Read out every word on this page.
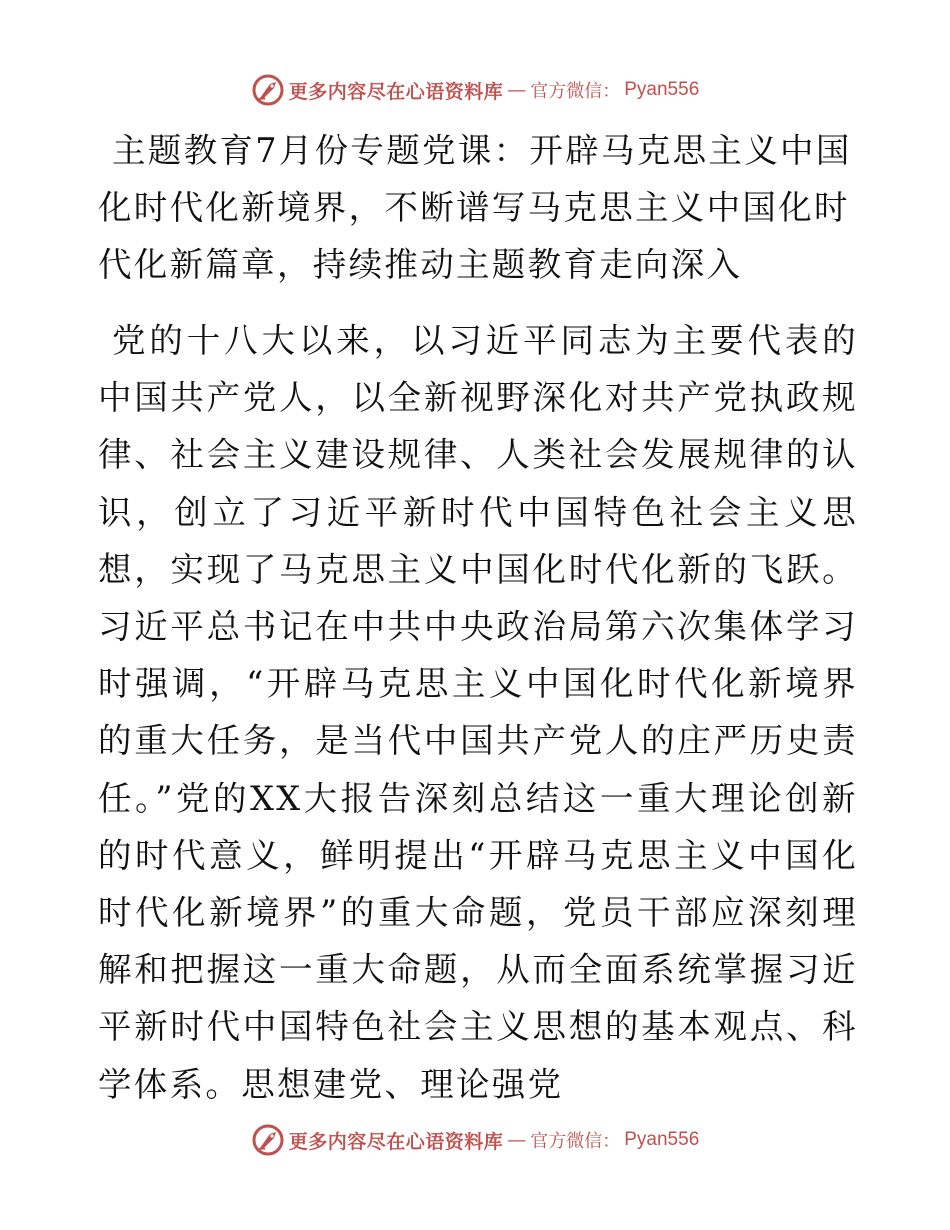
更多内容尽在心语资料库 — 官方微信： Pyan556
主题教育7月份专题党课：开辟马克思主义中国化时代化新境界，不断谱写马克思主义中国化时代化新篇章，持续推动主题教育走向深入

党的十八大以来，以习近平同志为主要代表的中国共产党人，以全新视野深化对共产党执政规律、社会主义建设规律、人类社会发展规律的认识，创立了习近平新时代中国特色社会主义思想，实现了马克思主义中国化时代化新的飞跃。习近平总书记在中共中央政治局第六次集体学习时强调，“开辟马克思主义中国化时代化新境界的重大任务，是当代中国共产党人的庄严历史责任。”党的XX大报告深刻总结这一重大理论创新的时代意义，鲜明提出“开辟马克思主义中国化时代化新境界”的重大命题，党员干部应深刻理解和把握这一重大命题，从而全面系统掌握习近平新时代中国特色社会主义思想的基本观点、科学体系。思想建党、理论强党

更多内容尽在心语资料库 — 官方微信： Pyan556
